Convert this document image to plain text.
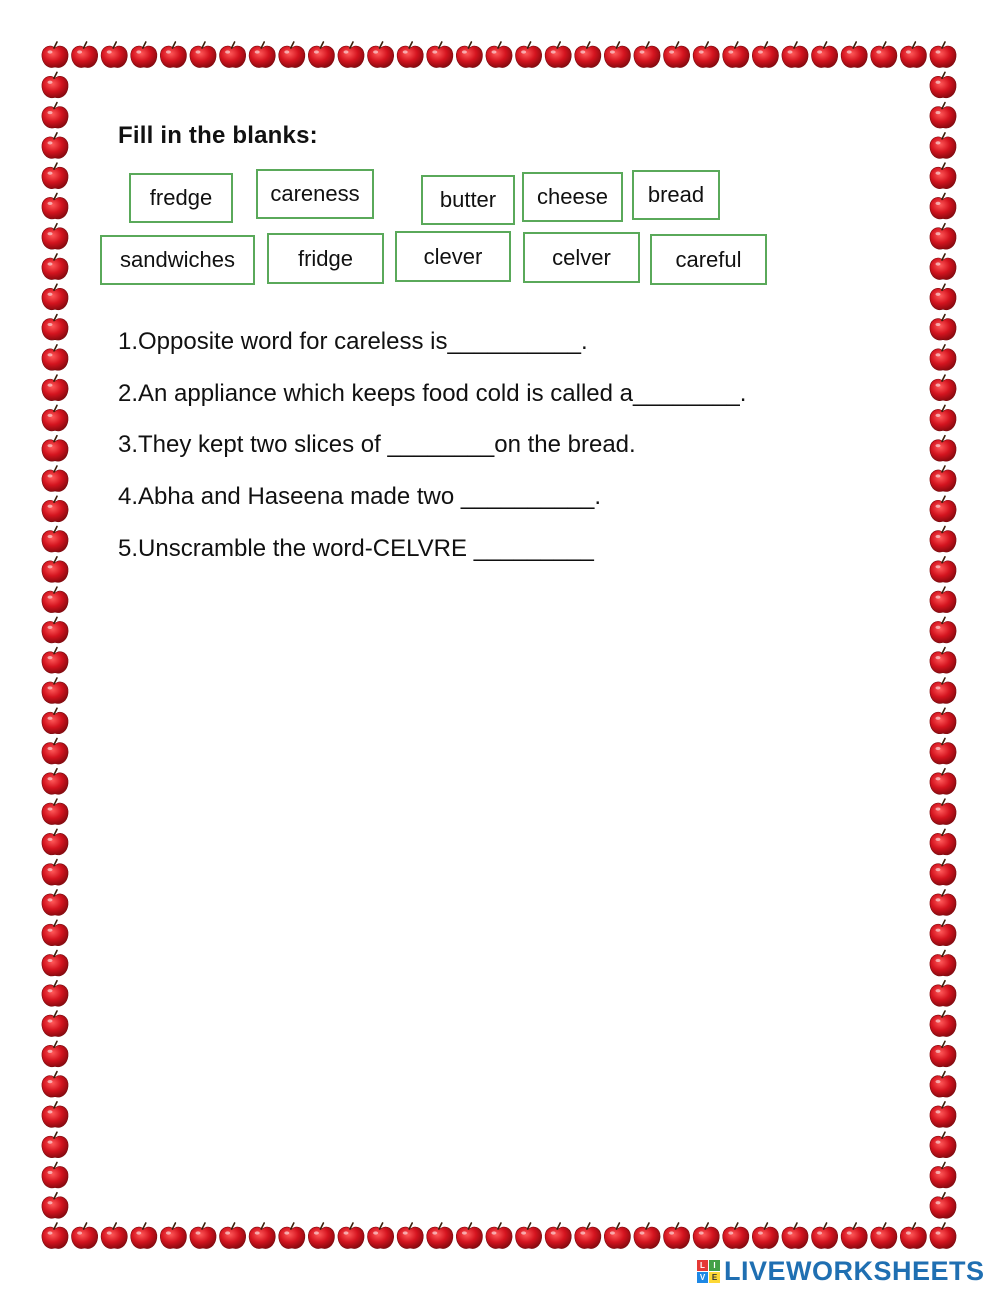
Fill in the blanks:
fredge	careness	butter	cheese	bread
sandwiches	fridge	clever	celver	careful
1.Opposite word for careless is__________.
2.An appliance which keeps food cold is called a________.
3.They kept two slices of ________on the bread.
4.Abha and Haseena made two __________.
5.Unscramble the word-CELVRE _________
L	I
V E LIVEWORKSHEETS
